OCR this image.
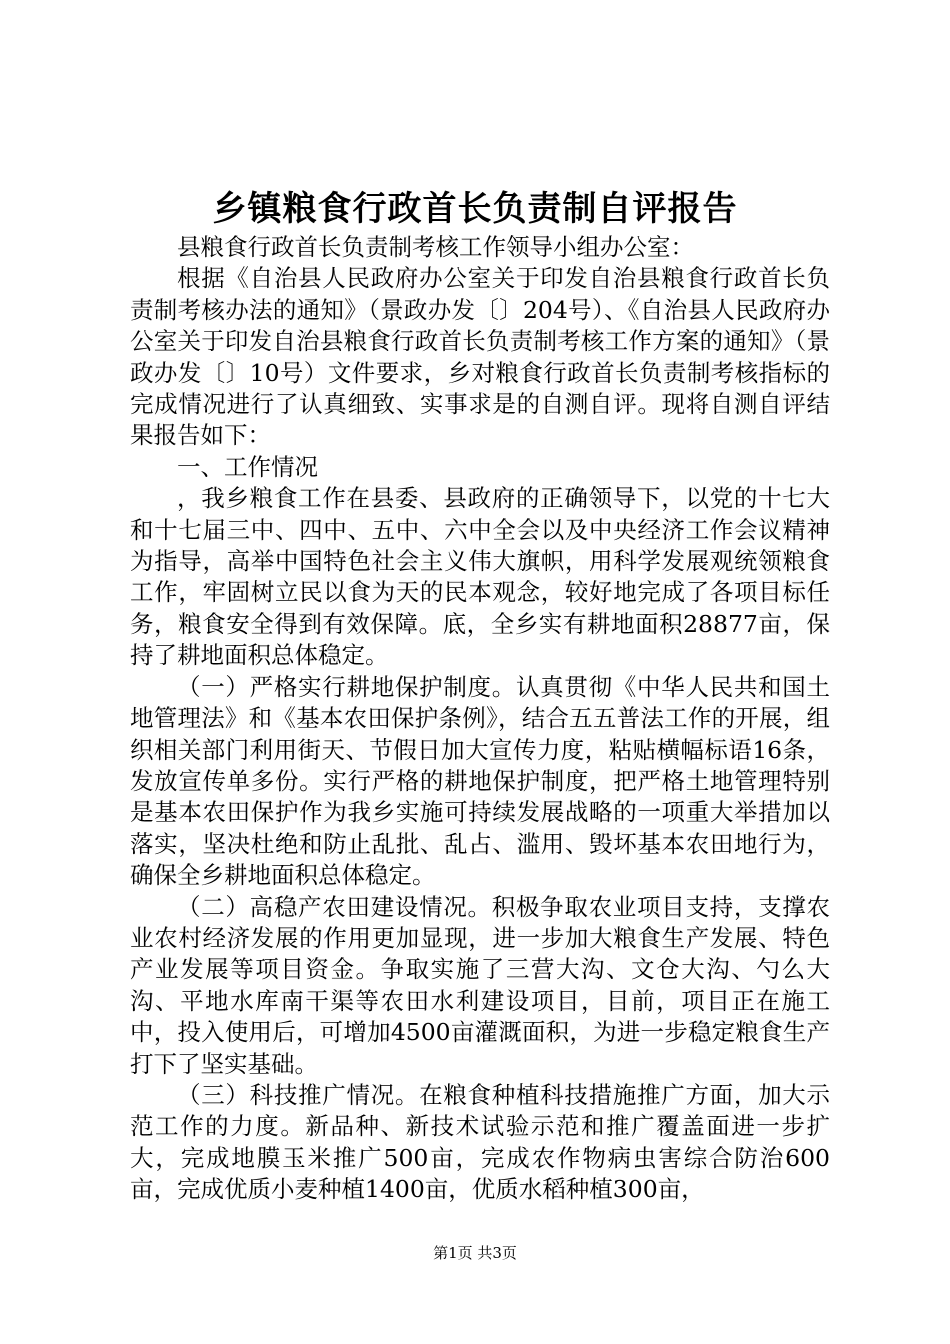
乡镇粮食行政首长负责制自评报告

县粮食行政首长负责制考核工作领导小组办公室：

根据《自治县人民政府办公室关于印发自治县粮食行政首长负责制考核办法的通知》（景政办发〔〕204号）、《自治县人民政府办公室关于印发自治县粮食行政首长负责制考核工作方案的通知》（景政办发〔〕10号）文件要求，乡对粮食行政首长负责制考核指标的完成情况进行了认真细致、实事求是的自测自评。现将自测自评结果报告如下：

一、工作情况

，我乡粮食工作在县委、县政府的正确领导下，以党的十七大和十七届三中、四中、五中、六中全会以及中央经济工作会议精神为指导，高举中国特色社会主义伟大旗帜，用科学发展观统领粮食工作，牢固树立民以食为天的民本观念，较好地完成了各项目标任务，粮食安全得到有效保障。底，全乡实有耕地面积28877亩，保持了耕地面积总体稳定。

（一）严格实行耕地保护制度。认真贯彻《中华人民共和国土地管理法》和《基本农田保护条例》，结合五五普法工作的开展，组织相关部门利用街天、节假日加大宣传力度，粘贴横幅标语16条，发放宣传单多份。实行严格的耕地保护制度，把严格土地管理特别是基本农田保护作为我乡实施可持续发展战略的一项重大举措加以落实，坚决杜绝和防止乱批、乱占、滥用、毁坏基本农田地行为，确保全乡耕地面积总体稳定。

（二）高稳产农田建设情况。积极争取农业项目支持，支撑农业农村经济发展的作用更加显现，进一步加大粮食生产发展、特色产业发展等项目资金。争取实施了三营大沟、文仓大沟、勺么大沟、平地水库南干渠等农田水利建设项目，目前，项目正在施工中，投入使用后，可增加4500亩灌溉面积，为进一步稳定粮食生产打下了坚实基础。

（三）科技推广情况。在粮食种植科技措施推广方面，加大示范工作的力度。新品种、新技术试验示范和推广覆盖面进一步扩大，完成地膜玉米推广500亩，完成农作物病虫害综合防治600亩，完成优质小麦种植1400亩，优质水稻种植300亩，

第1页 共3页
